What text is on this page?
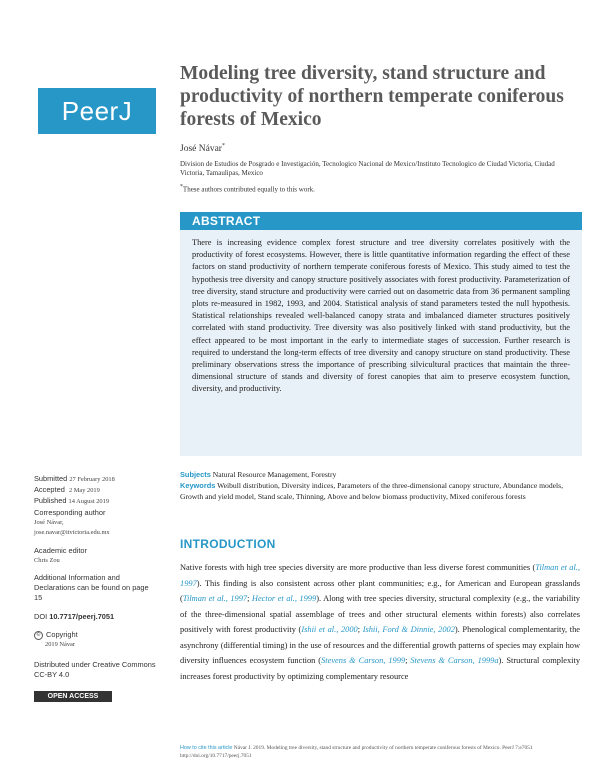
PeerJ
Modeling tree diversity, stand structure and productivity of northern temperate coniferous forests of Mexico
José Návar*
Division de Estudios de Posgrado e Investigación, Tecnologico Nacional de Mexico/Instituto Tecnologico de Ciudad Victoria, Ciudad Victoria, Tamaulipas, Mexico
*These authors contributed equally to this work.
ABSTRACT
There is increasing evidence complex forest structure and tree diversity correlates positively with the productivity of forest ecosystems. However, there is little quantitative information regarding the effect of these factors on stand productivity of northern temperate coniferous forests of Mexico. This study aimed to test the hypothesis tree diversity and canopy structure positively associates with forest productivity. Parameterization of tree diversity, stand structure and productivity were carried out on dasometric data from 36 permanent sampling plots re-measured in 1982, 1993, and 2004. Statistical analysis of stand parameters tested the null hypothesis. Statistical relationships revealed well-balanced canopy strata and imbalanced diameter structures positively correlated with stand productivity. Tree diversity was also positively linked with stand productivity, but the effect appeared to be most important in the early to intermediate stages of succession. Further research is required to understand the long-term effects of tree diversity and canopy structure on stand productivity. These preliminary observations stress the importance of prescribing silvicultural practices that maintain the three-dimensional structure of stands and diversity of forest canopies that aim to preserve ecosystem function, diversity, and productivity.
Subjects Natural Resource Management, Forestry
Keywords Weibull distribution, Diversity indices, Parameters of the three-dimensional canopy structure, Abundance models, Growth and yield model, Stand scale, Thinning, Above and below biomass productivity, Mixed coniferous forests
Submitted 27 February 2018
Accepted 2 May 2019
Published 14 August 2019
Corresponding author
José Návar,
jose.navar@itvictoria.edu.mx
Academic editor
Chris Zou
Additional Information and Declarations can be found on page 15
DOI 10.7717/peerj.7051
© Copyright
2019 Návar
Distributed under Creative Commons CC-BY 4.0
OPEN ACCESS
INTRODUCTION
Native forests with high tree species diversity are more productive than less diverse forest communities (Tilman et al., 1997). This finding is also consistent across other plant communities; e.g., for American and European grasslands (Tilman et al., 1997; Hector et al., 1999). Along with tree species diversity, structural complexity (e.g., the variability of the three-dimensional spatial assemblage of trees and other structural elements within forests) also correlates positively with forest productivity (Ishii et al., 2000; Ishii, Ford & Dinnie, 2002). Phenological complementarity, the asynchrony (differential timing) in the use of resources and the differential growth patterns of species may explain how diversity influences ecosystem function (Stevens & Carson, 1999; Stevens & Carson, 1999a). Structural complexity increases forest productivity by optimizing complementary resource
How to cite this article Návar J. 2019. Modeling tree diversity, stand structure and productivity of northern temperate coniferous forests of Mexico. PeerJ 7:e7051 http://doi.org/10.7717/peerj.7051
